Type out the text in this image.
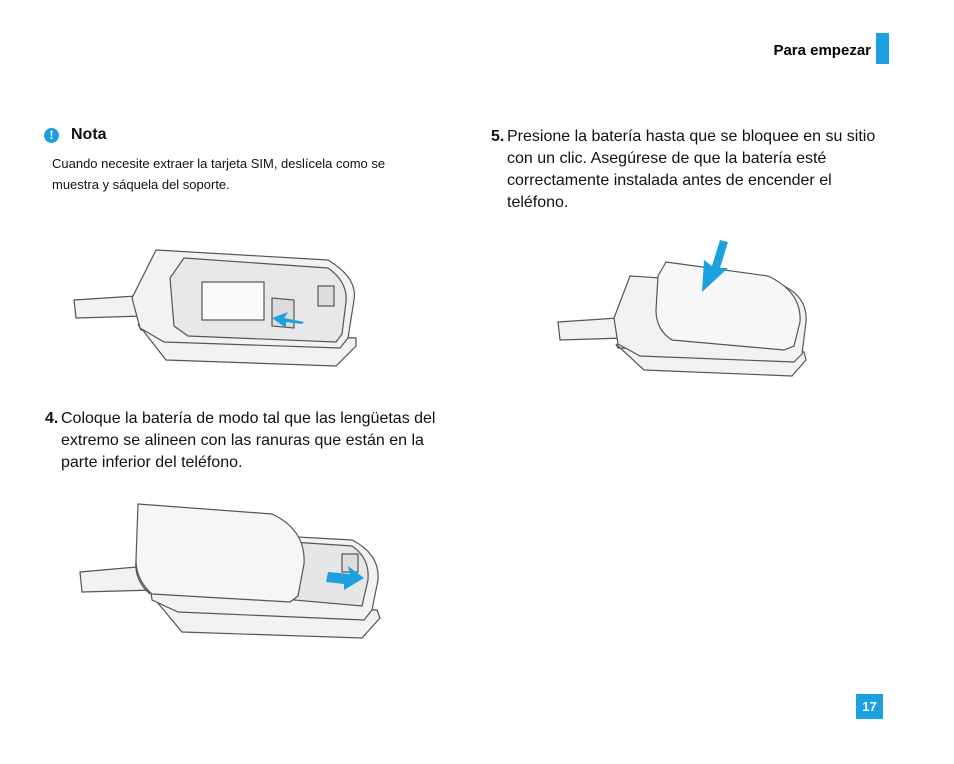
Para empezar
!	Nota
Cuando necesite extraer la tarjeta SIM, deslícela como se muestra y sáquela del soporte.
4. Coloque la batería de modo tal que las lengüetas del extremo se alineen con las ranuras que están en la parte inferior del teléfono.
5. Presione la batería hasta que se bloquee en su sitio con un clic. Asegúrese de que la batería esté correctamente instalada antes de encender el teléfono.
17
